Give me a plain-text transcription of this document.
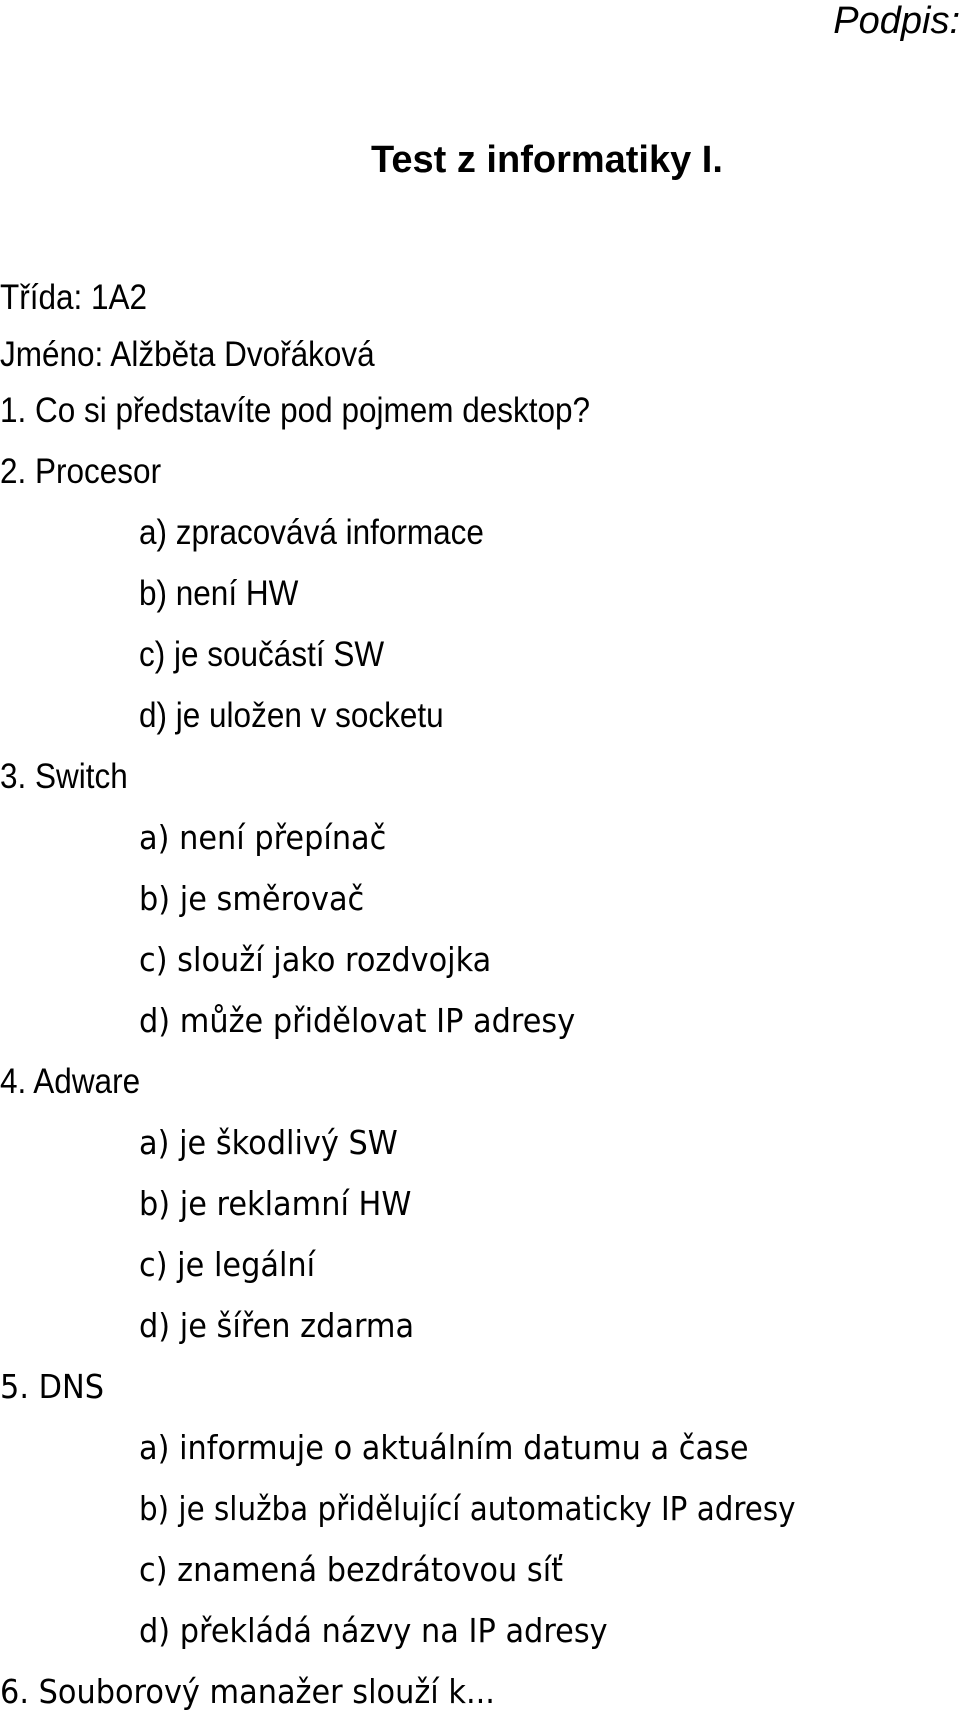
Podpis:
Test z informatiky I.
Třída: 1A2
Jméno: Alžběta Dvořáková
1. Co si představíte pod pojmem desktop?
2. Procesor
a) zpracovává informace
b) není HW
c) je součástí SW
d) je uložen v socketu
3. Switch
a) není přepínač
b) je směrovač
c) slouží jako rozdvojka
d) může přidělovat IP adresy
4. Adware
a) je škodlivý SW
b) je reklamní HW
c) je legální
d) je šířen zdarma
5. DNS
a) informuje o aktuálním datumu a čase
b) je služba přidělující automaticky IP adresy
c) znamená bezdrátovou síť
d) překládá názvy na IP adresy
6. Souborový manažer slouží k...
